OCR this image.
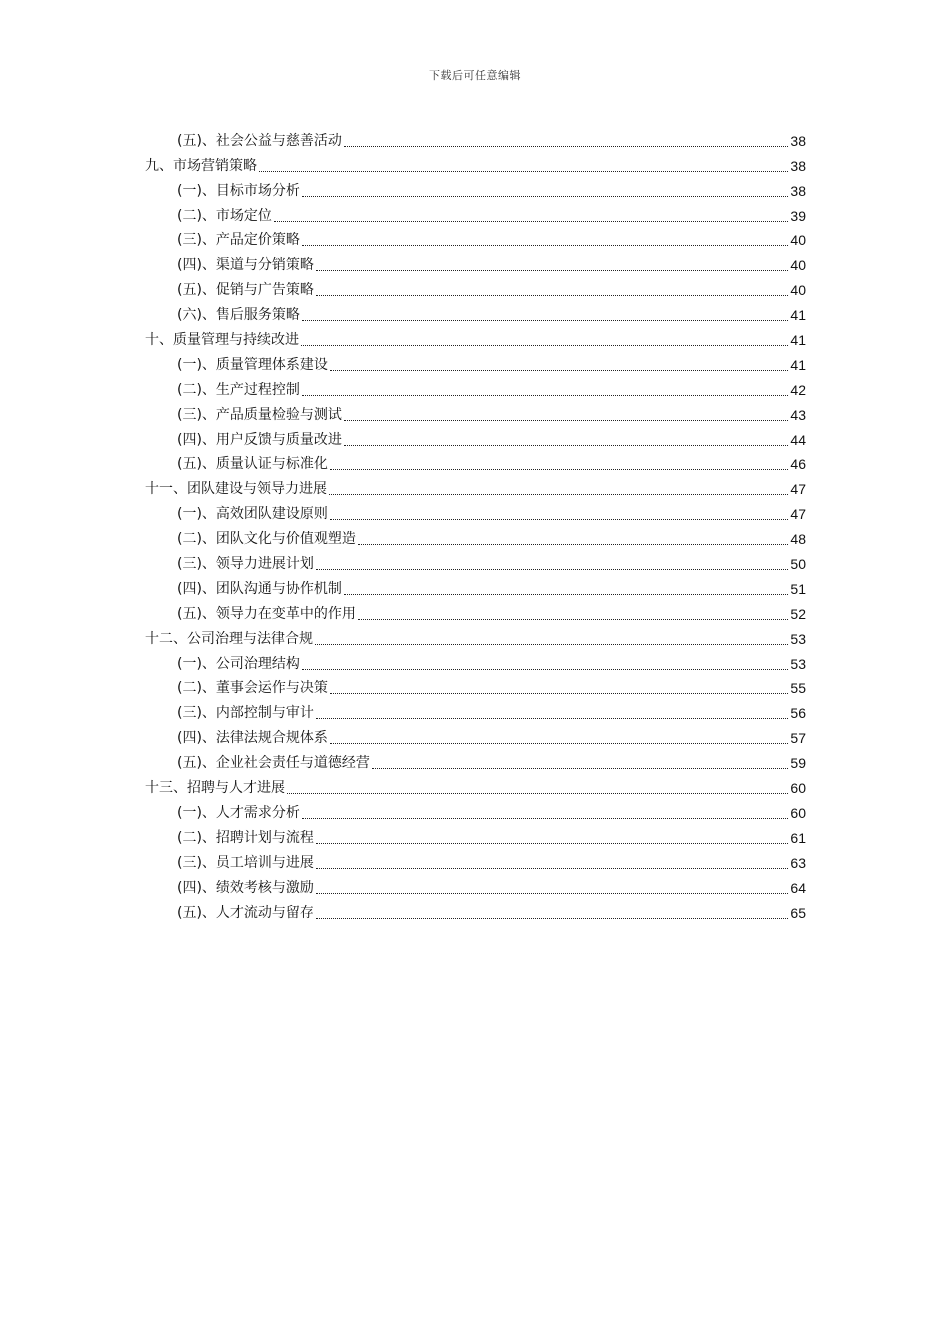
下载后可任意编辑
(五)、社会公益与慈善活动	38
九、市场营销策略	38
(一)、目标市场分析	38
(二)、市场定位	39
(三)、产品定价策略	40
(四)、渠道与分销策略	40
(五)、促销与广告策略	40
(六)、售后服务策略	41
十、质量管理与持续改进	41
(一)、质量管理体系建设	41
(二)、生产过程控制	42
(三)、产品质量检验与测试	43
(四)、用户反馈与质量改进	44
(五)、质量认证与标准化	46
十一、团队建设与领导力进展	47
(一)、高效团队建设原则	47
(二)、团队文化与价值观塑造	48
(三)、领导力进展计划	50
(四)、团队沟通与协作机制	51
(五)、领导力在变革中的作用	52
十二、公司治理与法律合规	53
(一)、公司治理结构	53
(二)、董事会运作与决策	55
(三)、内部控制与审计	56
(四)、法律法规合规体系	57
(五)、企业社会责任与道德经营	59
十三、招聘与人才进展	60
(一)、人才需求分析	60
(二)、招聘计划与流程	61
(三)、员工培训与进展	63
(四)、绩效考核与激励	64
(五)、人才流动与留存	65
